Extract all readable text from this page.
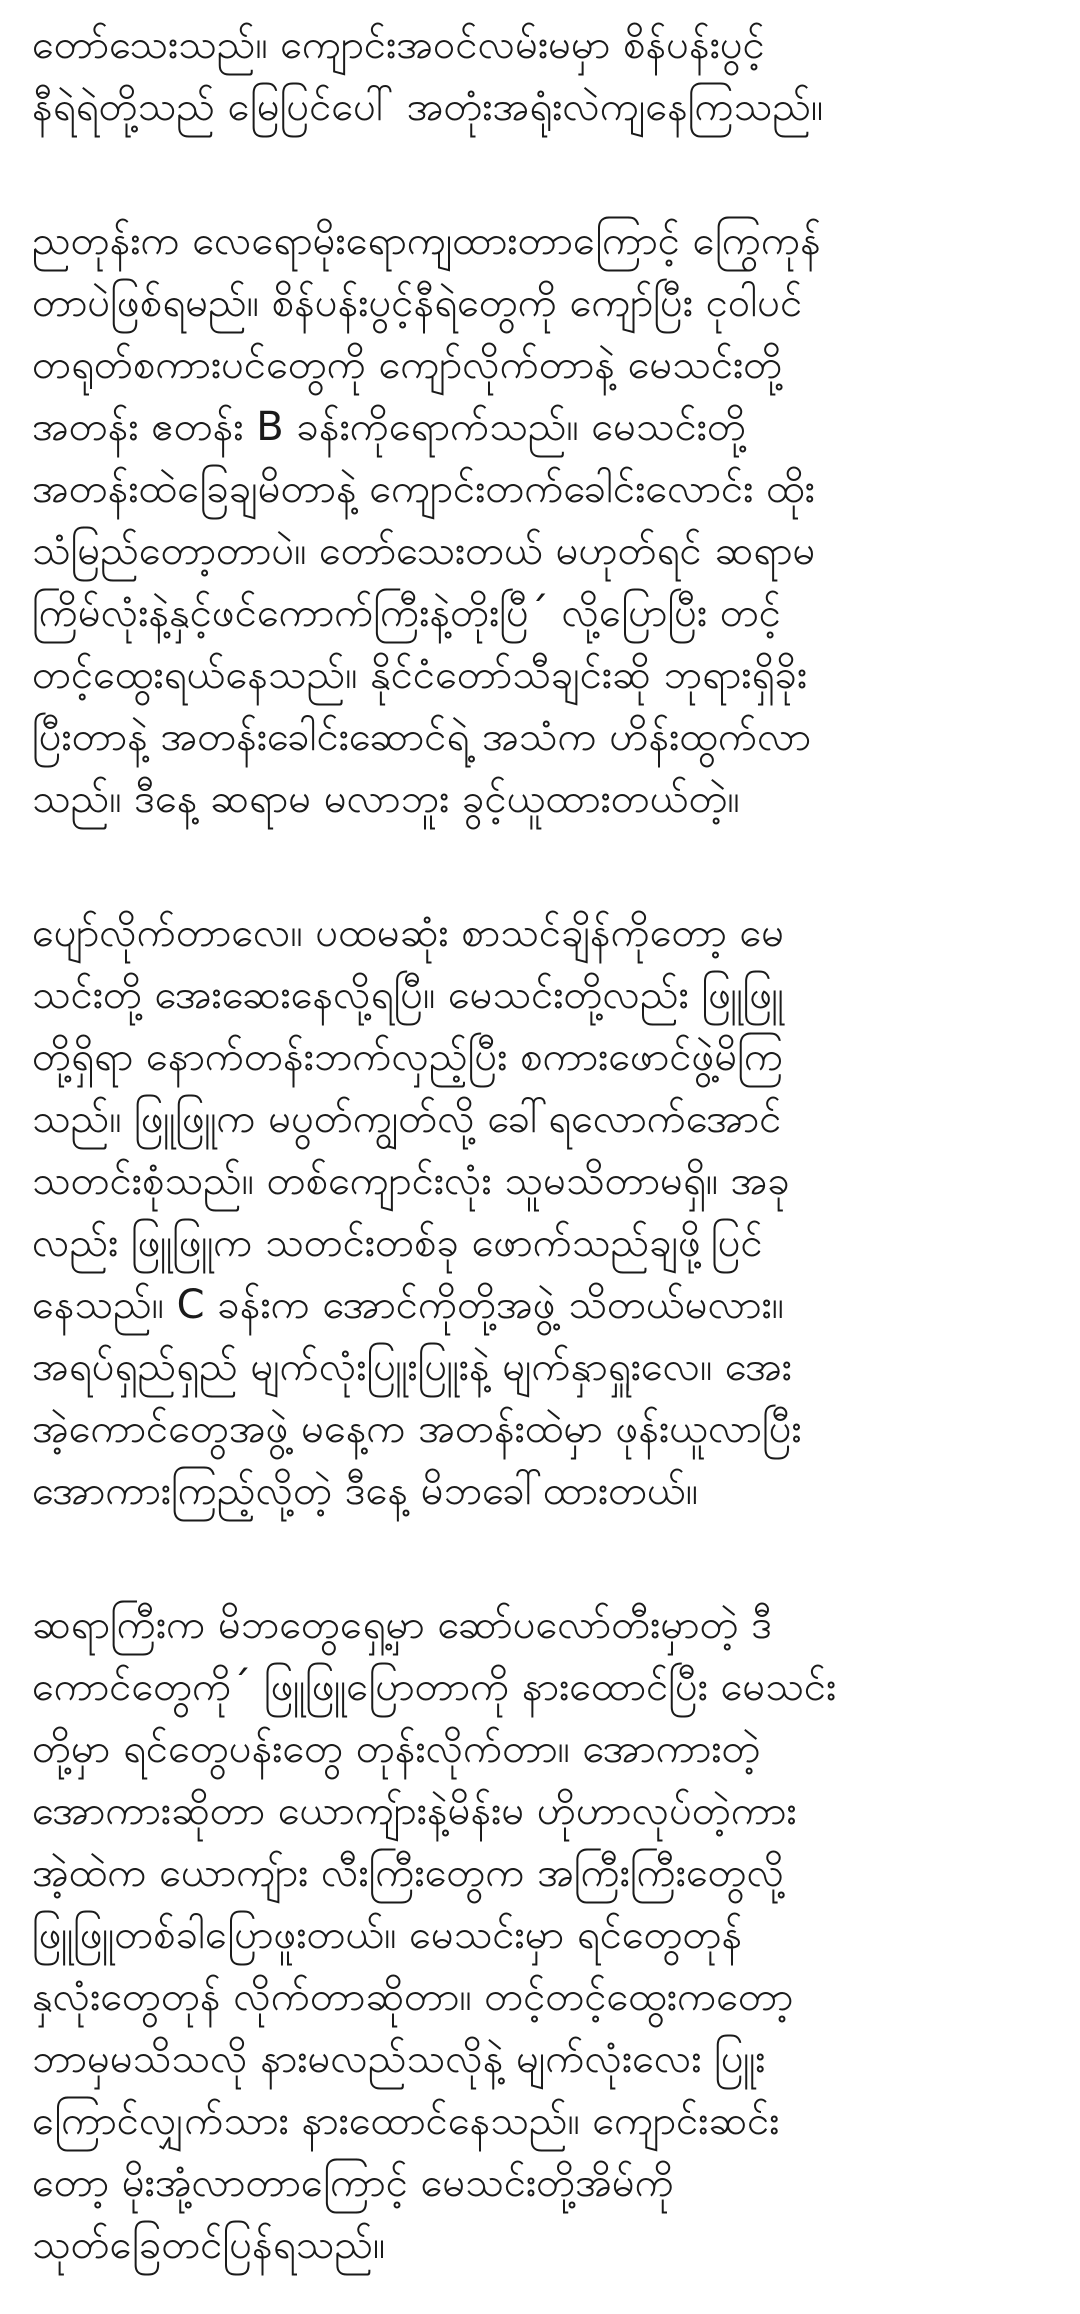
တော်သေးသည်။ ကျောင်းအဝင်လမ်းမမှာ စိန်ပန်းပွင့်
နီရဲရဲတို့သည် မြေပြင်ပေါ် အတုံးအရုံးလဲကျနေကြသည်။
ညတုန်းက လေရောမိုးရောကျထားတာကြောင့် ကြွေကုန်
တာပဲဖြစ်ရမည်။ စိန်ပန်းပွင့်နီရဲတွေကို ကျော်ပြီး ငုဝါပင်
တရုတ်စကားပင်တွေကို ကျော်လိုက်တာနဲ့ မေသင်းတို့
အတန်း ဧတန်း B ခန်းကိုရောက်သည်။ မေသင်းတို့
အတန်းထဲခြေချမိတာနဲ့ ကျောင်းတက်ခေါင်းလောင်း ထိုး
သံမြည်တော့တာပဲ။ တော်သေးတယ် မဟုတ်ရင် ဆရာမ
ကြိမ်လုံးနဲ့နှင့်ဖင်ကောက်ကြီးနဲ့တိုးပြီ´ လို့ပြောပြီး တင့်
တင့်ထွေးရယ်နေသည်။ နိုင်ငံတော်သီချင်းဆို ဘုရားရှိခိုး
ပြီးတာနဲ့ အတန်းခေါင်းဆောင်ရဲ့ အသံက ဟိန်းထွက်လာ
သည်။ ဒီနေ့ ဆရာမ မလာဘူး ခွင့်ယူထားတယ်တဲ့။
ပျော်လိုက်တာလေ။ ပထမဆုံး စာသင်ချိန်ကိုတော့ မေ
သင်းတို့ အေးဆေးနေလို့ရပြီ။ မေသင်းတို့လည်း ဖြူဖြူ
တို့ရှိရာ နောက်တန်းဘက်လှည့်ပြီး စကားဖောင်ဖွဲ့မိကြ
သည်။ ဖြူဖြူက မပွတ်ကျွတ်လို့ ခေါ်ရလောက်အောင်
သတင်းစုံသည်။ တစ်ကျောင်းလုံး သူမသိတာမရှိ။ အခု
လည်း ဖြူဖြူက သတင်းတစ်ခု ဖောက်သည်ချဖို့ပြင်
နေသည်။ C ခန်းက အောင်ကိုတို့အဖွဲ့ သိတယ်မလား။
အရပ်ရှည်ရှည် မျက်လုံးပြူးပြူးနဲ့ မျက်နှာရှူးလေ။ အေး
အဲ့ကောင်တွေအဖွဲ့ မနေ့က အတန်းထဲမှာ ဖုန်းယူလာပြီး
အောကားကြည့်လို့တဲ့ ဒီနေ့ မိဘခေါ်ထားတယ်။
ဆရာကြီးက မိဘတွေရှေ့မှာ ဆော်ပလော်တီးမှာတဲ့ ဒီ
ကောင်တွေကို´ ဖြူဖြူပြောတာကို နားထောင်ပြီး မေသင်း
တို့မှာ ရင်တွေပန်းတွေ တုန်းလိုက်တာ။ အောကားတဲ့
အောကားဆိုတာ ယောကျ်ားနဲ့မိန်းမ ဟိုဟာလုပ်တဲ့ကား
အဲ့ထဲက ယောကျ်ား လီးကြီးတွေက အကြီးကြီးတွေလို့
ဖြူဖြူတစ်ခါပြောဖူးတယ်။ မေသင်းမှာ ရင်တွေတုန်
နှလုံးတွေတုန် လိုက်တာဆိုတာ။ တင့်တင့်ထွေးကတော့
ဘာမှမသိသလို နားမလည်သလိုနဲ့ မျက်လုံးလေး ပြူး
ကြောင်လျှက်သား နားထောင်နေသည်။ ကျောင်းဆင်း
တော့ မိုးအုံ့လာတာကြောင့် မေသင်းတို့အိမ်ကို
သုတ်ခြေတင်ပြန်ရသည်။
